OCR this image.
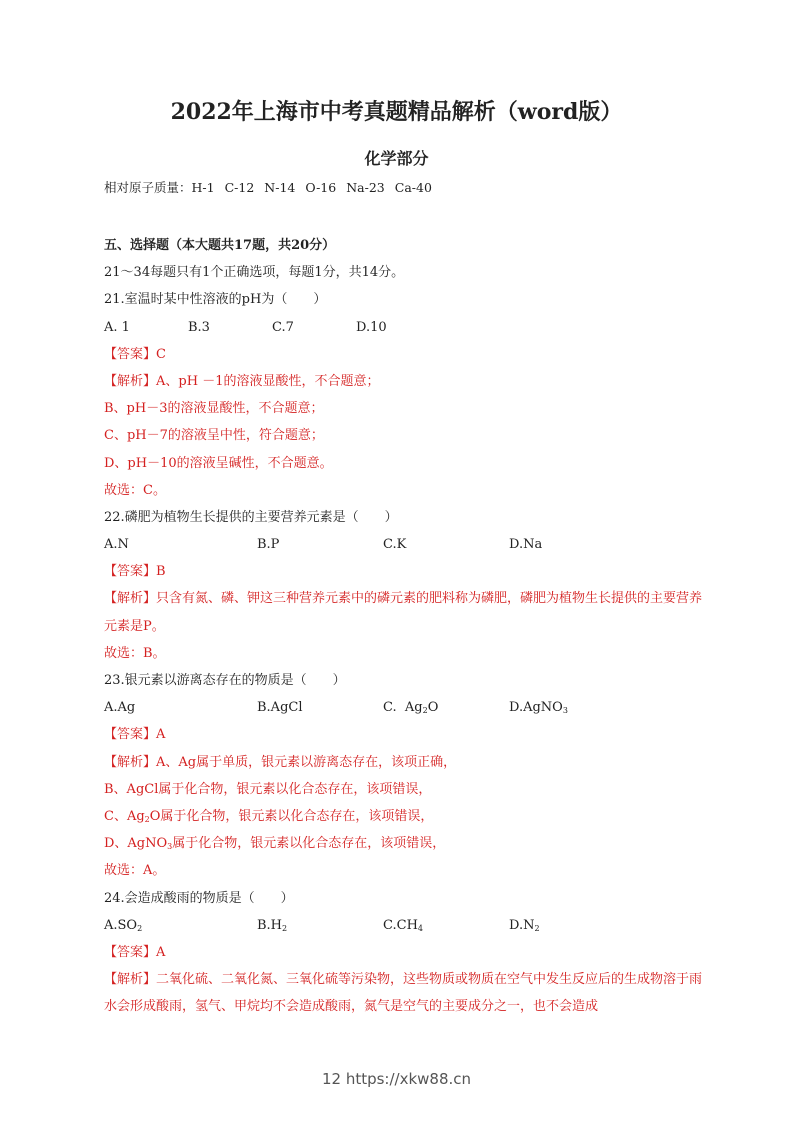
2022年上海市中考真题精品解析（word版）
化学部分
相对原子质量：H-1 C-12 N-14 O-16 Na-23 Ca-40
五、选择题（本大题共17题，共20分）
21～34每题只有1个正确选项，每题1分，共14分。
21.室温时某中性溶液的pH为（　　）
A. 1	B.3	C.7	D.10
【答案】C
【解析】A、pH －1的溶液显酸性，不合题意；
B、pH－3的溶液显酸性，不合题意；
C、pH－7的溶液呈中性，符合题意；
D、pH－10的溶液呈碱性，不合题意。
故选：C。
22.磷肥为植物生长提供的主要营养元素是（　　）
A.N	B.P	C.K	D.Na
【答案】B
【解析】只含有氮、磷、钾这三种营养元素中的磷元素的肥料称为磷肥，磷肥为植物生长提供的主要营养元素是P。
故选：B。
23.银元素以游离态存在的物质是（　　）
A.Ag	B.AgCl	C.  $Ag_2O$	D.AgNO$_3$
【答案】A
【解析】A、Ag属于单质，银元素以游离态存在，该项正确，
B、AgCl属于化合物，银元素以化合态存在，该项错误，
C、$Ag_2O$属于化合物，银元素以化合态存在，该项错误，
D、AgNO$_3$属于化合物，银元素以化合态存在，该项错误，
故选：A。
24.会造成酸雨的物质是（　　）
$A.SO_2$	$B.H_2$	$C.CH_4$	$D.N_2$
【答案】A
【解析】二氧化硫、二氧化氮、三氧化硫等污染物，这些物质或物质在空气中发生反应后的生成物溶于雨水会形成酸雨，氢气、甲烷均不会造成酸雨，氮气是空气的主要成分之一，也不会造成
12 https://xkw88.cn
